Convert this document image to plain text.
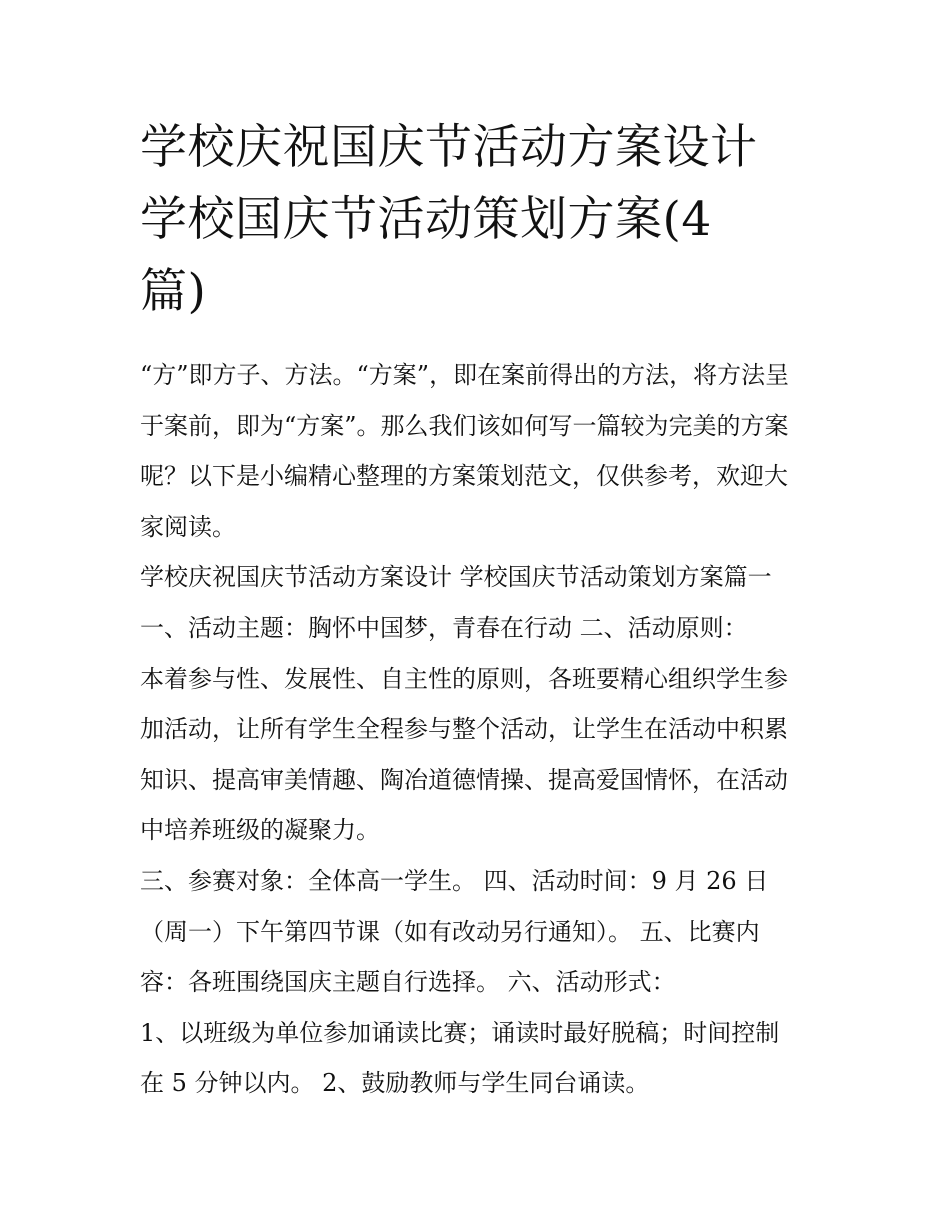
学校庆祝国庆节活动方案设计
学校国庆节活动策划方案(4
篇)
“方”即方子、方法。“方案”，即在案前得出的方法，将方法呈
于案前，即为“方案”。那么我们该如何写一篇较为完美的方案
呢？以下是小编精心整理的方案策划范文，仅供参考，欢迎大
家阅读。
学校庆祝国庆节活动方案设计 学校国庆节活动策划方案篇一
一、活动主题：胸怀中国梦，青春在行动 二、活动原则：
本着参与性、发展性、自主性的原则，各班要精心组织学生参
加活动，让所有学生全程参与整个活动，让学生在活动中积累
知识、提高审美情趣、陶冶道德情操、提高爱国情怀，在活动
中培养班级的凝聚力。
三、参赛对象：全体高一学生。 四、活动时间：9 月 26 日
（周一）下午第四节课（如有改动另行通知）。 五、比赛内
容：各班围绕国庆主题自行选择。 六、活动形式：
1、以班级为单位参加诵读比赛；诵读时最好脱稿；时间控制
在 5 分钟以内。 2、鼓励教师与学生同台诵读。
